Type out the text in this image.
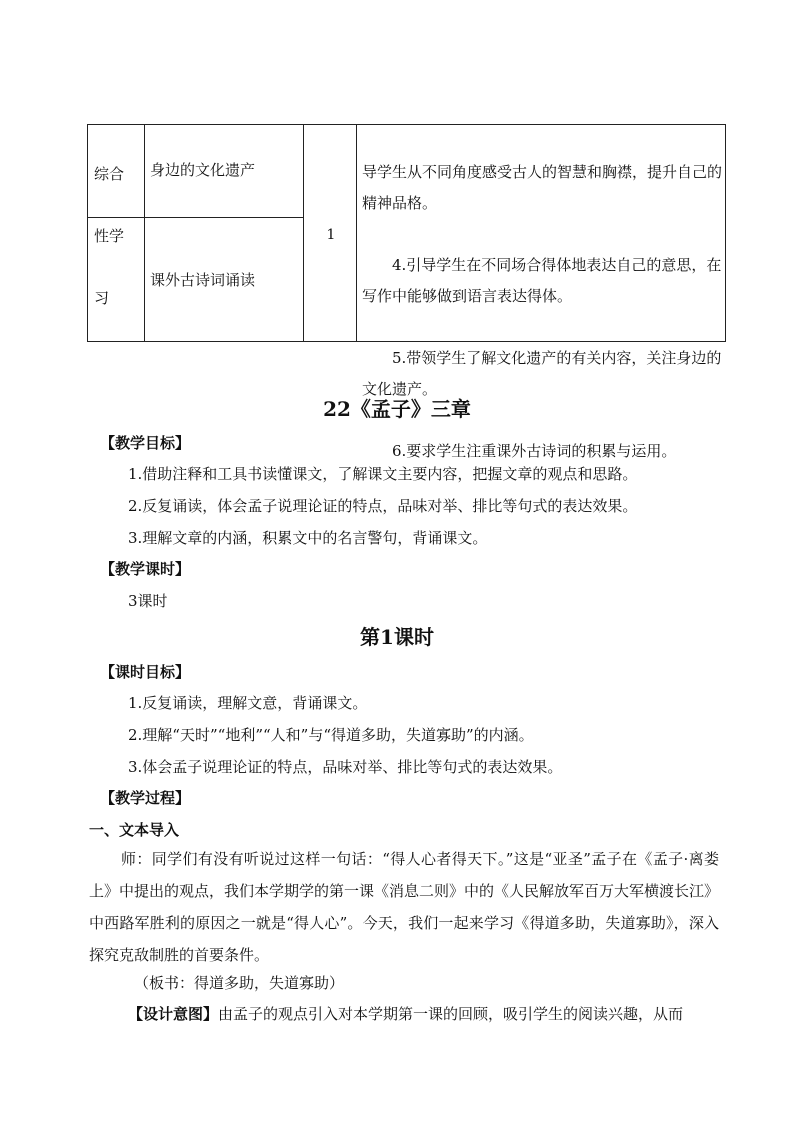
综合

性学

习

身边的文化遗产
课外古诗词诵读
1

导学生从不同角度感受古人的智慧和胸襟，提升自己的精神品格。

4.引导学生在不同场合得体地表达自己的意思，在写作中能够做到语言表达得体。

5.带领学生了解文化遗产的有关内容，关注身边的文化遗产。

6.要求学生注重课外古诗词的积累与运用。

22《孟子》三章
【教学目标】
1.借助注释和工具书读懂课文，了解课文主要内容，把握文章的观点和思路。
2.反复诵读，体会孟子说理论证的特点，品味对举、排比等句式的表达效果。
3.理解文章的内涵，积累文中的名言警句，背诵课文。
【教学课时】
3课时
第1课时
【课时目标】
1.反复诵读，理解文意，背诵课文。
2.理解“天时”“地利”“人和”与“得道多助，失道寡助”的内涵。
3.体会孟子说理论证的特点，品味对举、排比等句式的表达效果。
【教学过程】
一、文本导入
师：同学们有没有听说过这样一句话：“得人心者得天下。”这是“亚圣”孟子在《孟子·离娄上》中提出的观点，我们本学期学的第一课《消息二则》中的《人民解放军百万大军横渡长江》中西路军胜利的原因之一就是“得人心”。今天，我们一起来学习《得道多助，失道寡助》，深入探究克敌制胜的首要条件。
（板书：得道多助，失道寡助）
【设计意图】由孟子的观点引入对本学期第一课的回顾，吸引学生的阅读兴趣，从而
